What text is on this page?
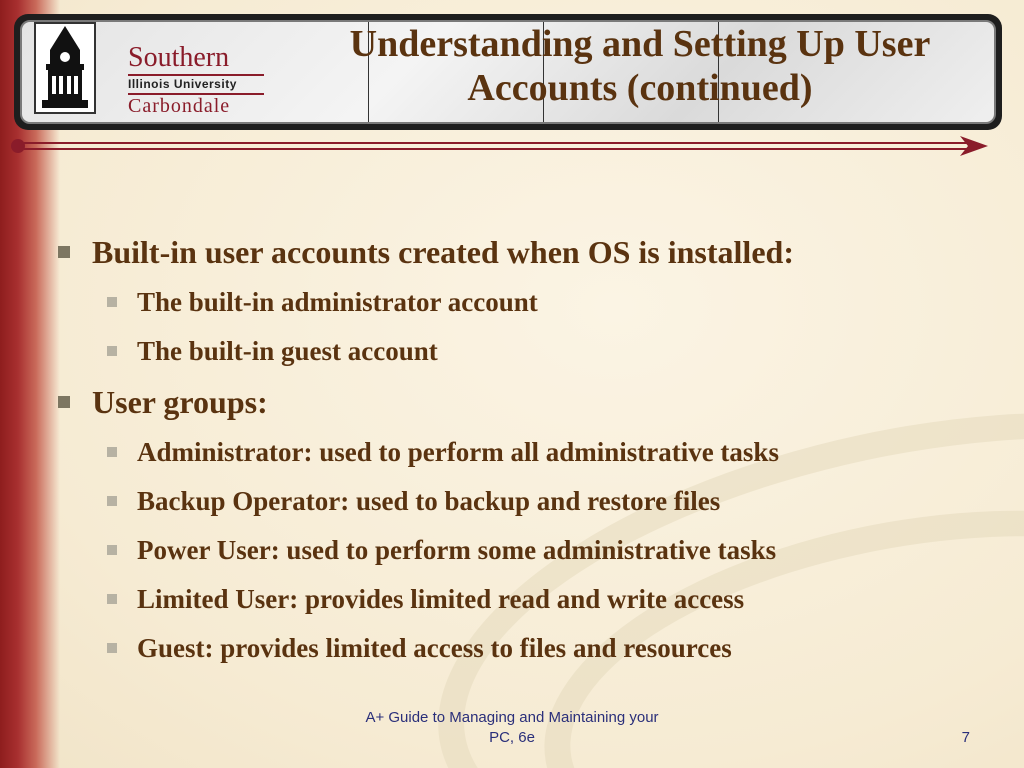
Southern
Illinois University
Carbondale
Understanding and Setting Up User Accounts (continued)
Built-in user accounts created when OS is installed:
The built-in administrator account
The built-in guest account
User groups:
Administrator: used to perform all administrative tasks
Backup Operator: used to backup and restore files
Power User: used to perform some administrative tasks
Limited User: provides limited read and write access
Guest: provides limited access to files and resources
A+ Guide to Managing and Maintaining your PC, 6e	7
